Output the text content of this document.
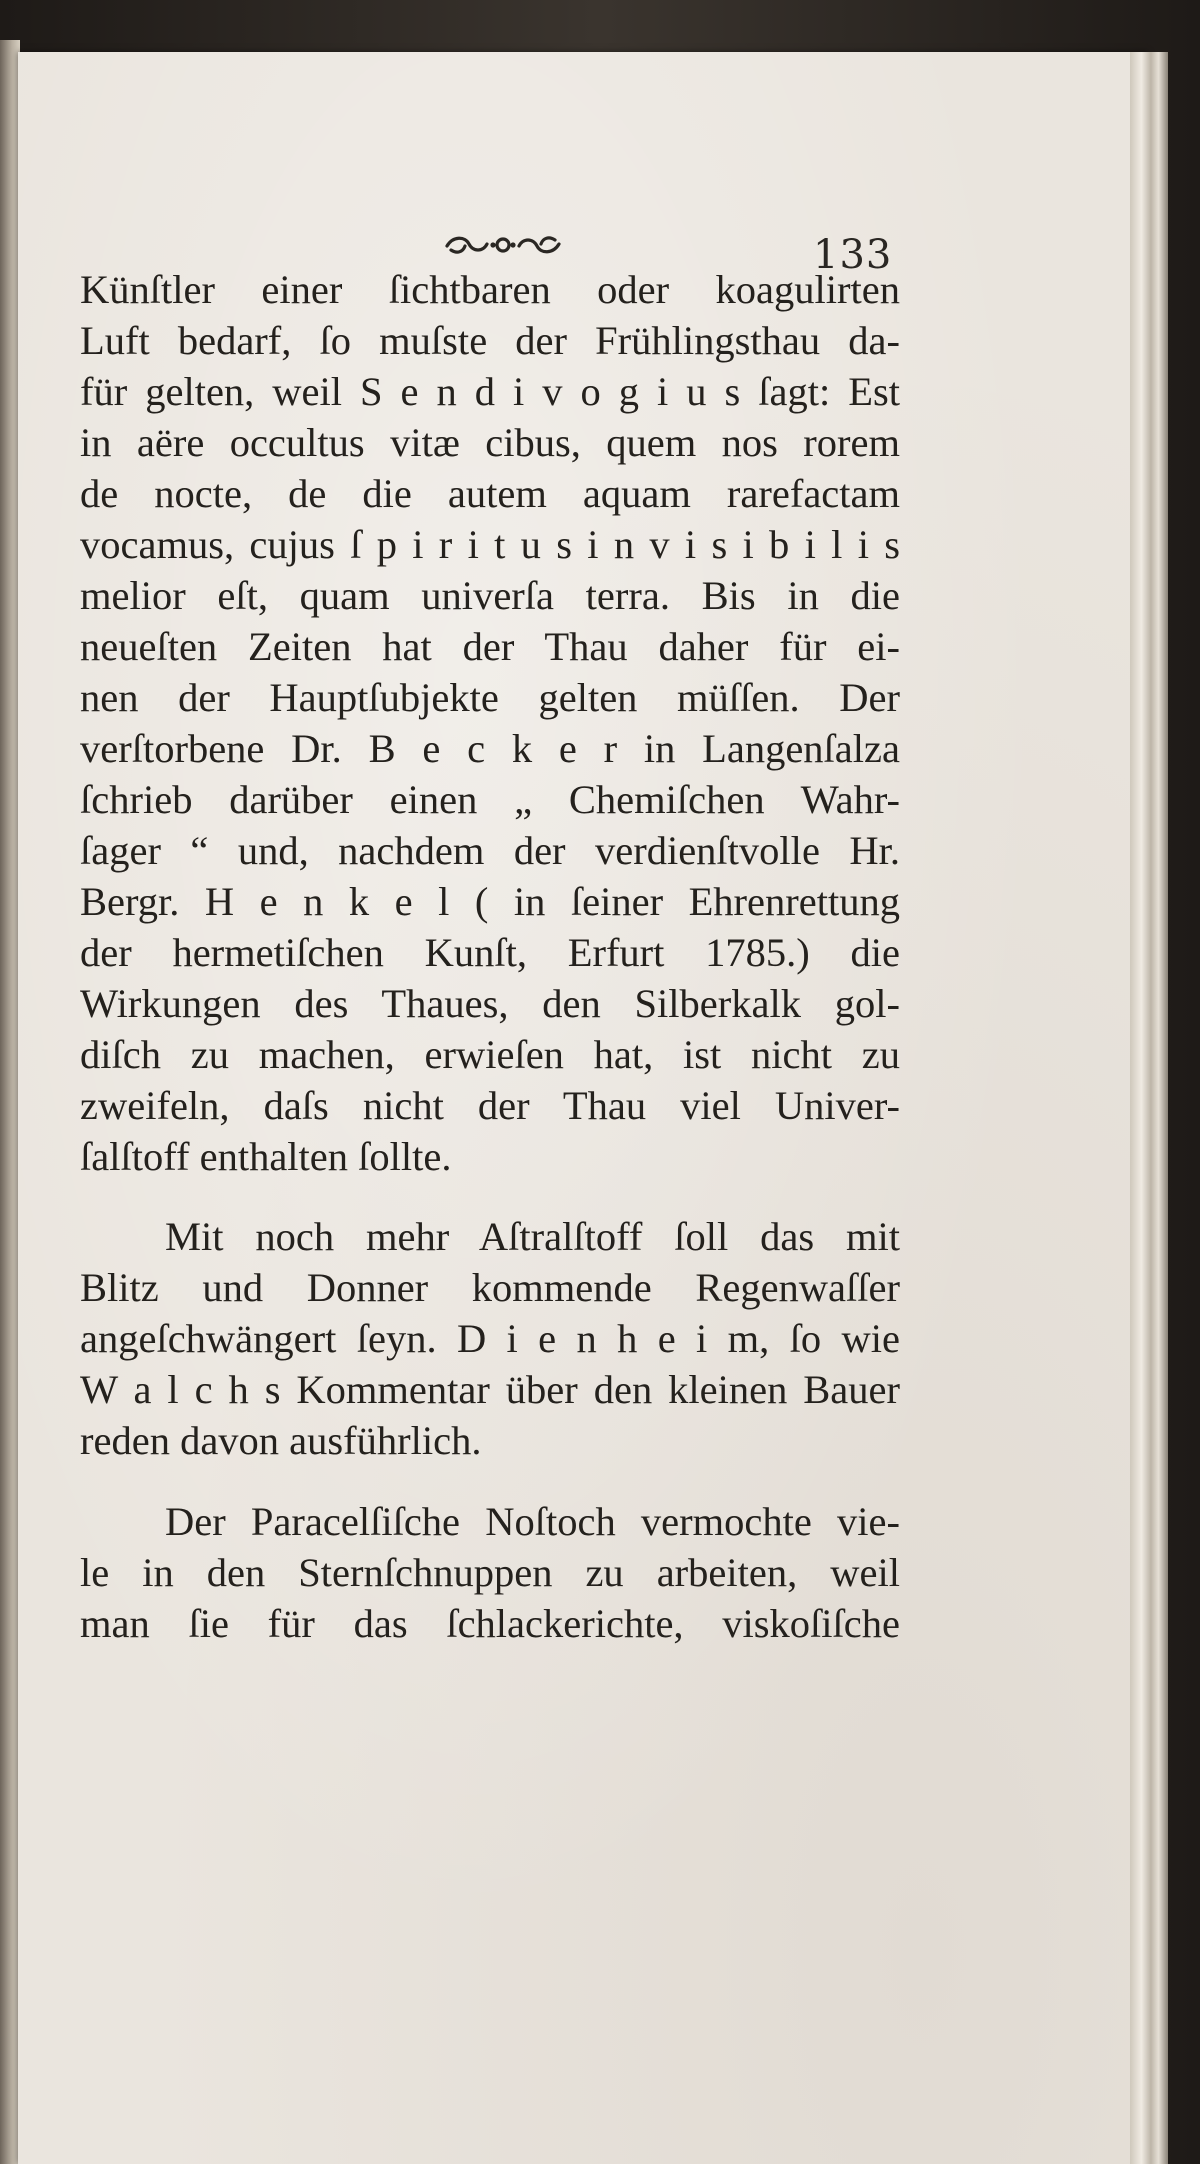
133
Künſtler einer ſichtbaren oder koagulirten
Luft bedarf, ſo muſste der Frühlingsthau da-
für gelten, weil S e n d i v o g i u s ſagt: Est
in aëre occultus vitæ cibus, quem nos rorem
de nocte, de die autem aquam rarefactam
vocamus, cujus ſ p i r i t u s i n v i s i b i l i s
melior eſt, quam univerſa terra. Bis in die
neueſten Zeiten hat der Thau daher für ei-
nen der Hauptſubjekte gelten müſſen. Der
verſtorbene Dr. B e c k e r in Langenſalza
ſchrieb darüber einen „ Chemiſchen Wahr-
ſager “ und, nachdem der verdienſtvolle Hr.
Bergr. H e n k e l ( in ſeiner Ehrenrettung
der hermetiſchen Kunſt, Erfurt 1785.) die
Wirkungen des Thaues, den Silberkalk gol-
diſch zu machen, erwieſen hat, ist nicht zu
zweifeln, daſs nicht der Thau viel Univer-
ſalſtoff enthalten ſollte.
Mit noch mehr Aſtralſtoff ſoll das mit
Blitz und Donner kommende Regenwaſſer
angeſchwängert ſeyn. D i e n h e i m, ſo wie
W a l c h s Kommentar über den kleinen Bauer
reden davon ausführlich.
Der Paracelſiſche Noſtoch vermochte vie-
le in den Sternſchnuppen zu arbeiten, weil
man ſie für das ſchlackerichte, viskoſiſche
